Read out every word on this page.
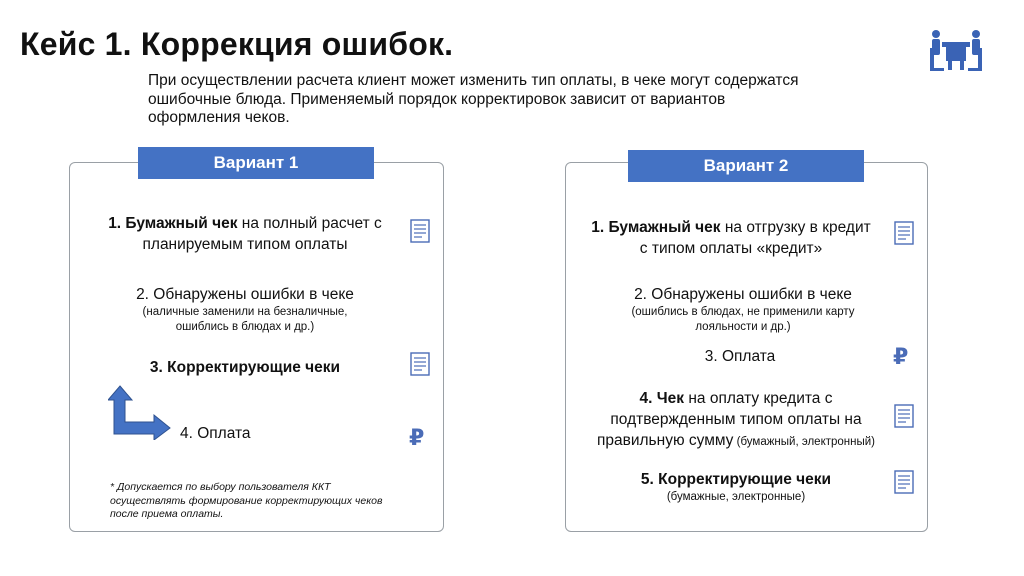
Кейс 1. Коррекция ошибок.
При осуществлении расчета клиент может изменить тип оплаты, в чеке могут содержатся
ошибочные блюда. Применяемый порядок корректировок зависит от вариантов
оформления чеков.
Вариант 1
1. Бумажный чек на полный расчет с
планируемым типом оплаты
2. Обнаружены ошибки в чеке
(наличные заменили на безналичные,
ошиблись в блюдах и др.)
3. Корректирующие чеки
4. Оплата	₽
* Допускается по выбору пользователя ККТ
осуществлять формирование корректирующих чеков
после приема оплаты.
Вариант 2
1. Бумажный чек на отгрузку в кредит
с типом оплаты «кредит»
2. Обнаружены ошибки в чеке
(ошиблись в блюдах, не применили карту
лояльности и др.)
3. Оплата	₽
4. Чек на оплату кредита с
подтвержденным типом оплаты на
правильную сумму (бумажный, электронный)
5. Корректирующие чеки
(бумажные, электронные)
